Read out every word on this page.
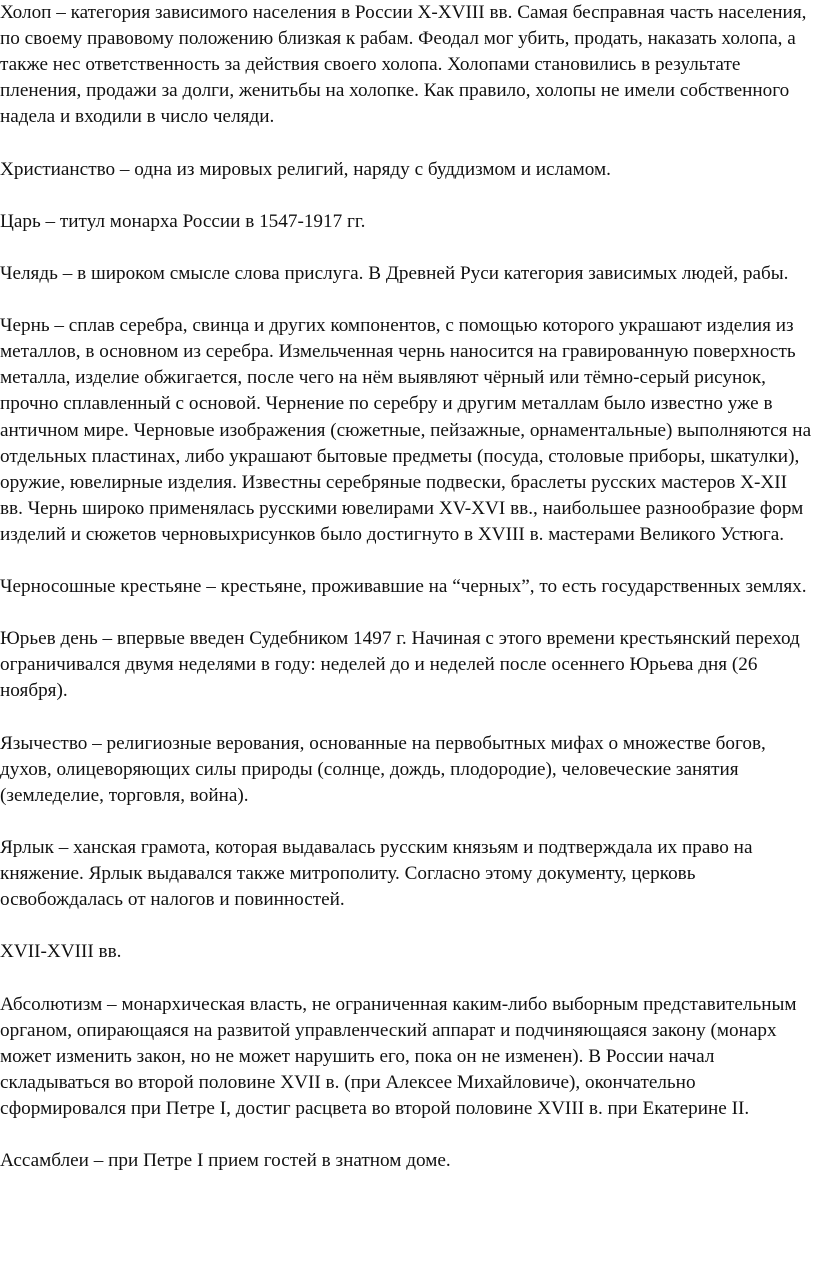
Холоп – категория зависимого населения в России X-XVIII вв. Самая бесправная часть населения, по своему правовому положению близкая к рабам. Феодал мог убить, продать, наказать холопа, а также нес ответственность за действия своего холопа. Холопами становились в результате пленения, продажи за долги, женитьбы на холопке. Как правило, холопы не имели собственного надела и входили в число челяди.

Христианство – одна из мировых религий, наряду с буддизмом и исламом.

Царь – титул монарха России в 1547-1917 гг.

Челядь – в широком смысле слова прислуга. В Древней Руси категория зависимых людей, рабы.

Чернь – сплав серебра, свинца и других компонентов, с помощью которого украшают изделия из металлов, в основном из серебра. Измельченная чернь наносится на гравированную поверхность металла, изделие обжигается, после чего на нём выявляют чёрный или тёмно-серый рисунок, прочно сплавленный с основой. Чернение по серебру и другим металлам было известно уже в античном мире. Черновые изображения (сюжетные, пейзажные, орнаментальные) выполняются на отдельных пластинах, либо украшают бытовые предметы (посуда, столовые приборы, шкатулки), оружие, ювелирные изделия. Известны серебряные подвески, браслеты русских мастеров X-XII вв. Чернь широко применялась русскими ювелирами XV-XVI вв., наибольшее разнообразие форм изделий и сюжетов черновыхрисунков было достигнуто в XVIII в. мастерами Великого Устюга.

Черносошные крестьяне – крестьяне, проживавшие на “черных”, то есть государственных землях.

Юрьев день – впервые введен Судебником 1497 г. Начиная с этого времени крестьянский переход ограничивался двумя неделями в году: неделей до и неделей после осеннего Юрьева дня (26 ноября).

Язычество – религиозные верования, основанные на первобытных мифах о множестве богов, духов, олицеворяющих силы природы (солнце, дождь, плодородие), человеческие занятия (земледелие, торговля, война).

Ярлык – ханская грамота, которая выдавалась русским князьям и подтверждала их право на княжение. Ярлык выдавался также митрополиту. Согласно этому документу, церковь освобождалась от налогов и повинностей.

XVII-XVIII вв.

Абсолютизм – монархическая власть, не ограниченная каким-либо выборным представительным органом, опирающаяся на развитой управленческий аппарат и подчиняющаяся закону (монарх может изменить закон, но не может нарушить его, пока он не изменен). В России начал складываться во второй половине XVII в. (при Алексее Михайловиче), окончательно сформировался при Петре I, достиг расцвета во второй половине XVIII в. при Екатерине II.

Ассамблеи – при Петре I прием гостей в знатном доме.
